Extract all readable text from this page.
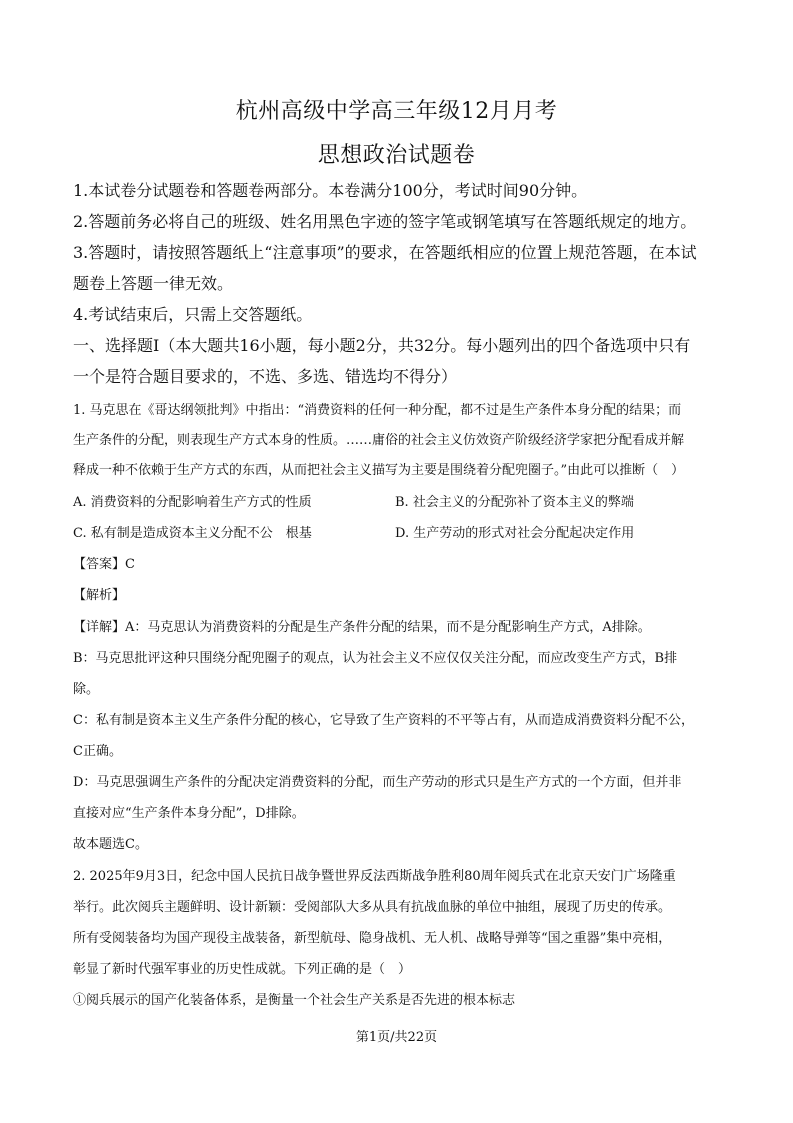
杭州高级中学高三年级12月月考
思想政治试题卷
1.本试卷分试题卷和答题卷两部分。本卷满分100分，考试时间90分钟。
2.答题前务必将自己的班级、姓名用黑色字迹的签字笔或钢笔填写在答题纸规定的地方。
3.答题时，请按照答题纸上“注意事项”的要求，在答题纸相应的位置上规范答题，在本试
题卷上答题一律无效。
4.考试结束后，只需上交答题纸。
一、选择题Ⅰ（本大题共16小题，每小题2分，共32分。每小题列出的四个备选项中只有
一个是符合题目要求的，不选、多选、错选均不得分）
1. 马克思在《哥达纲领批判》中指出：“消费资料的任何一种分配，都不过是生产条件本身分配的结果；而
生产条件的分配，则表现生产方式本身的性质。……庸俗的社会主义仿效资产阶级经济学家把分配看成并解
释成一种不依赖于生产方式的东西，从而把社会主义描写为主要是围绕着分配兜圈子。”由此可以推断（　）
A. 消费资料的分配影响着生产方式的性质	B. 社会主义的分配弥补了资本主义的弊端
C. 私有制是造成资本主义分配不公　根基	D. 生产劳动的形式对社会分配起决定作用
【答案】C
【解析】
【详解】A：马克思认为消费资料的分配是生产条件分配的结果，而不是分配影响生产方式，A排除。
B：马克思批评这种只围绕分配兜圈子的观点，认为社会主义不应仅仅关注分配，而应改变生产方式，B排
除。
C：私有制是资本主义生产条件分配的核心，它导致了生产资料的不平等占有，从而造成消费资料分配不公，
C正确。
D：马克思强调生产条件的分配决定消费资料的分配，而生产劳动的形式只是生产方式的一个方面，但并非
直接对应“生产条件本身分配”，D排除。
故本题选C。
2. 2025年9月3日，纪念中国人民抗日战争暨世界反法西斯战争胜利80周年阅兵式在北京天安门广场隆重
举行。此次阅兵主题鲜明、设计新颖：受阅部队大多从具有抗战血脉的单位中抽组，展现了历史的传承。
所有受阅装备均为国产现役主战装备，新型航母、隐身战机、无人机、战略导弹等“国之重器”集中亮相，
彰显了新时代强军事业的历史性成就。下列正确的是（　）
①阅兵展示的国产化装备体系，是衡量一个社会生产关系是否先进的根本标志
第1页/共22页
